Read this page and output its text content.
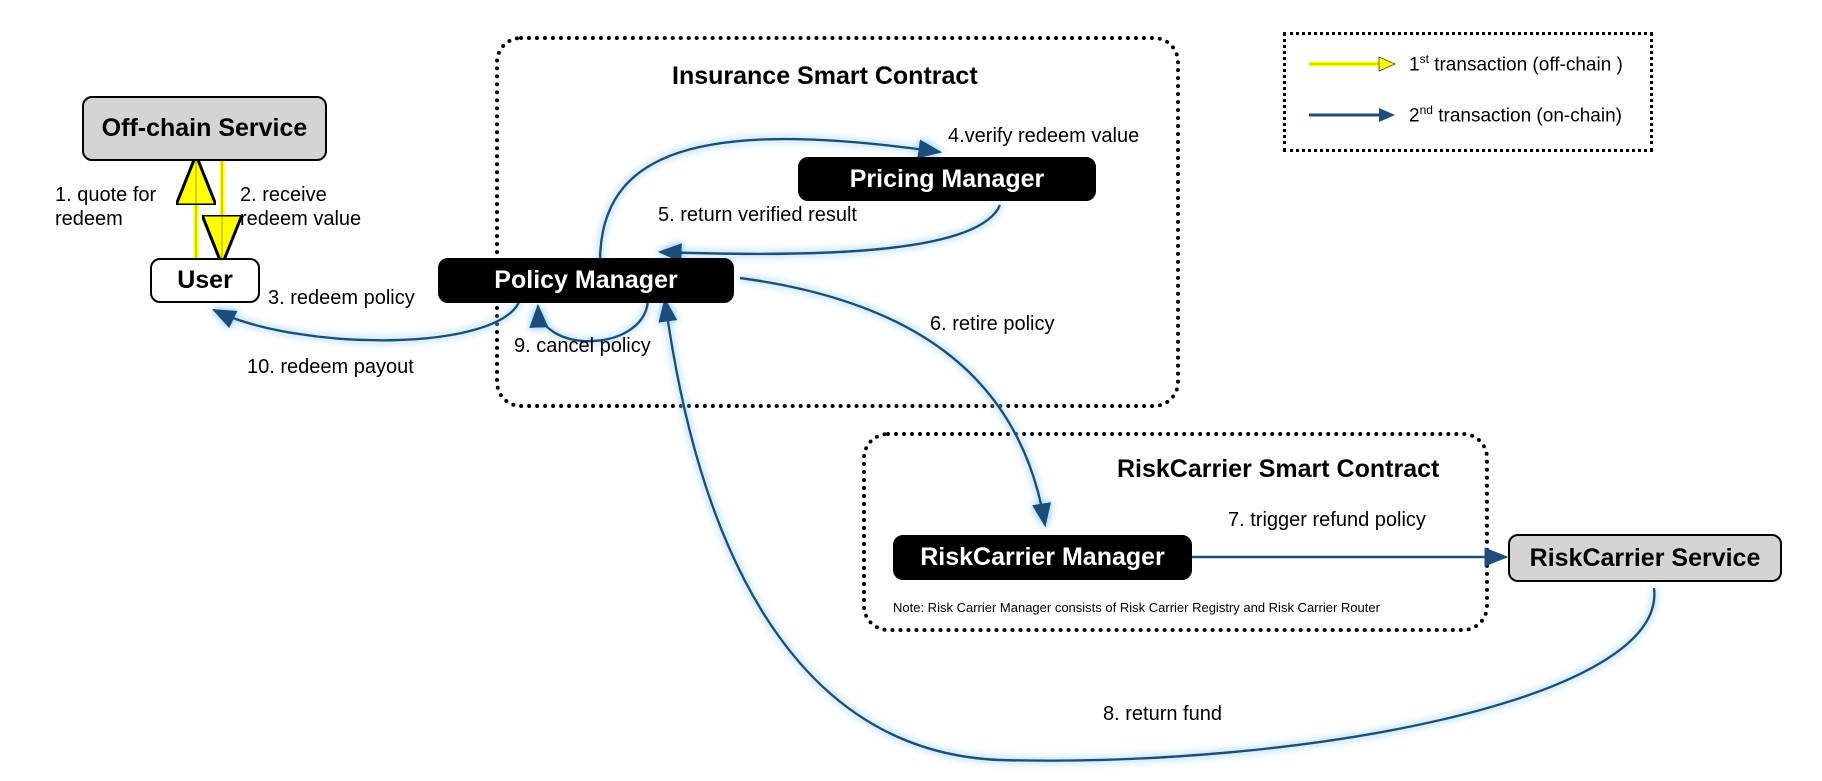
Insurance Smart Contract
RiskCarrier Smart Contract
Off-chain Service
User	Policy Manager
Pricing Manager
RiskCarrier Manager	RiskCarrier Service
Note: Risk Carrier Manager consists of Risk Carrier Registry and Risk Carrier Router
1. quote for redeem
2. receive redeem value
3. redeem policy
4.verify redeem value
5. return verified result
6. retire policy
7. trigger refund policy
8. return fund
9. cancel policy
10. redeem payout
1st transaction (off-chain )
2nd transaction (on-chain)
